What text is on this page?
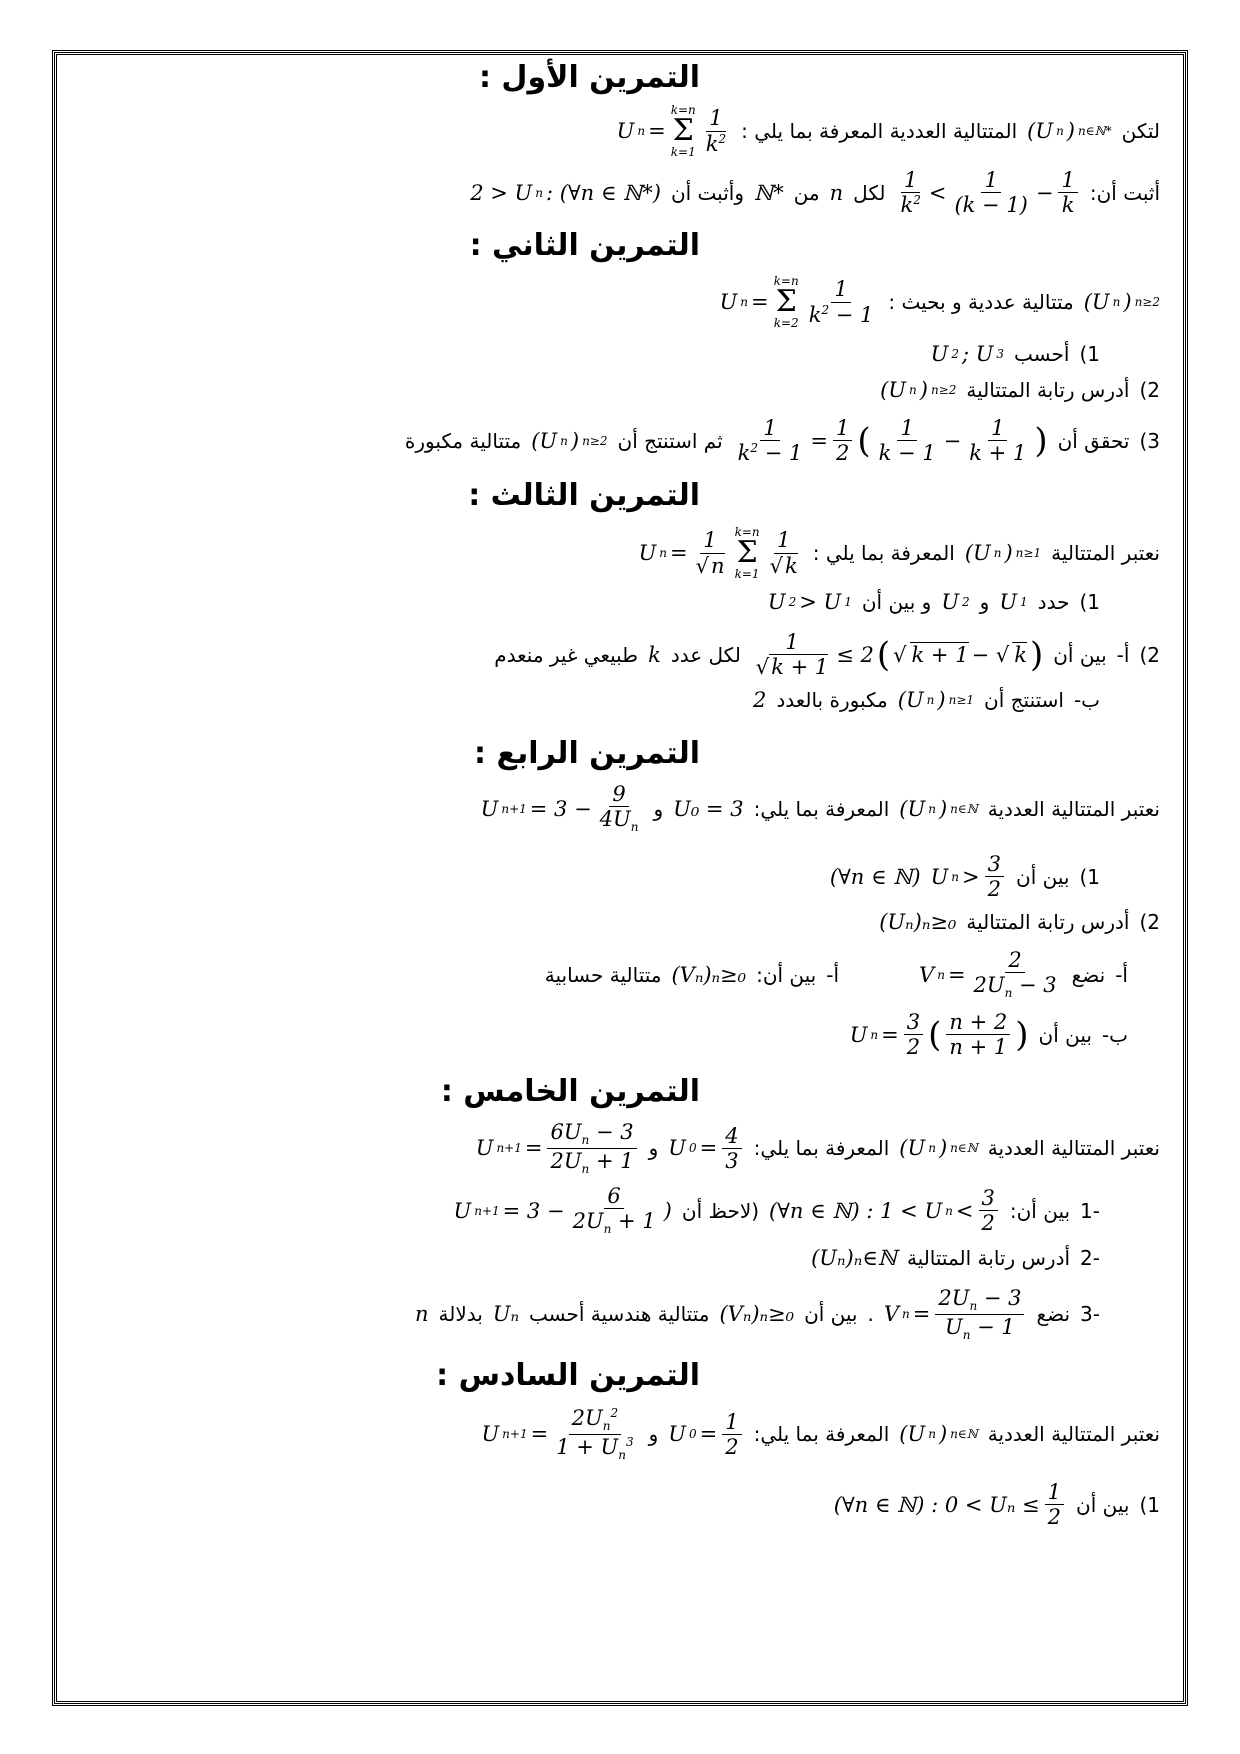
التمرين الأول :
لتكن
(U n ) n∈ℕ*
المتتالية العددية المعرفة بما يلي :
U n =
k=n
Σ
$k=1 \frac{1}{k^2}$
أثبت أن:
$\frac{1}{k^2} < \frac{1}{(k - 1)} - \frac{1}{k}$
لكل
n
من
ℕ*
وأثبت أن
2 > U n : (∀n ∈ ℕ*)
التمرين الثاني :
(U n ) n≥2
متتالية عددية و بحيث :
U n =
k=n
Σ
$k=2 \frac{1}{k^2 - 1}$
1)
أحسب
U 2 ; U 3
2)
أدرس رتابة المتتالية
(U n ) n≥2
3)
تحقق أن
$\frac{1}{k^2 - 1} = \frac{1}{2}$ ( $\frac{1}{k - 1} - \frac{1}{k + 1}$ )
ثم استنتج أن
(U n ) n≥2
متتالية مكبورة
التمرين الثالث :
نعتبر المتتالية
(U n ) n≥1
المعرفة بما يلي :
U $n = \frac{1}{√n} k=n$
Σ
$k=1 \frac{1}{√k}$
1)
حدد
U 1
و
U 2
و بين أن
U 2 > U 1
2)
أ-
بين أن
$\frac{1}{√k + 1} \le 2$ ( √ k + 1 − √ k )
لكل عدد
k
طبيعي غير منعدم
ب-
استنتج أن
(U n ) n≥1
مكبورة بالعدد
2
التمرين الرابع :
نعتبر المتتالية العددية
(U n ) n∈ℕ
المعرفة بما يلي:
U₀ = 3
و
U $n+1 = 3 - \frac{9}{4U_n}$
1)
بين أن
U $n > \frac{3}{2}$
(∀n ∈ ℕ)
2)
أدرس رتابة المتتالية
(Uₙ)ₙ≥₀
أ-
نضع
V $n = \frac{2}{2U_n - 3}$
أ-
بين أن:
(Vₙ)ₙ≥₀
متتالية حسابية
ب-
بين أن
U $n = \frac{3}{2}$ ( $\frac{n + 2}{n + 1}$ )
التمرين الخامس :
نعتبر المتتالية العددية
(U n ) n∈ℕ
المعرفة بما يلي:
U $0 = \frac{4}{3}$
و
U $n+1 = \frac{6U_n - 3}{2U_n + 1}$
-1
بين أن:
(∀n ∈ ℕ) : 1 < U $n < \frac{3}{2}$
(لاحظ أن
U $n+1 = 3 - \frac{6}{2U_n + 1}$ )
-2
أدرس رتابة المتتالية
(Uₙ)ₙ∈ℕ
-3
نضع
V $n = \frac{2U_n - 3}{U_n - 1}$
.
بين أن
(Vₙ)ₙ≥₀
متتالية هندسية أحسب
Uₙ
بدلالة
n
التمرين السادس :
نعتبر المتتالية العددية
(U n ) n∈ℕ
المعرفة بما يلي:
U $0 = \frac{1}{2}$
و
U $n+1 = \frac{2U_n^2}{1 + U_n^3}$
1)
بين أن
(∀n ∈ ℕ) : $0 < U_n \le \frac{1}{2}$
